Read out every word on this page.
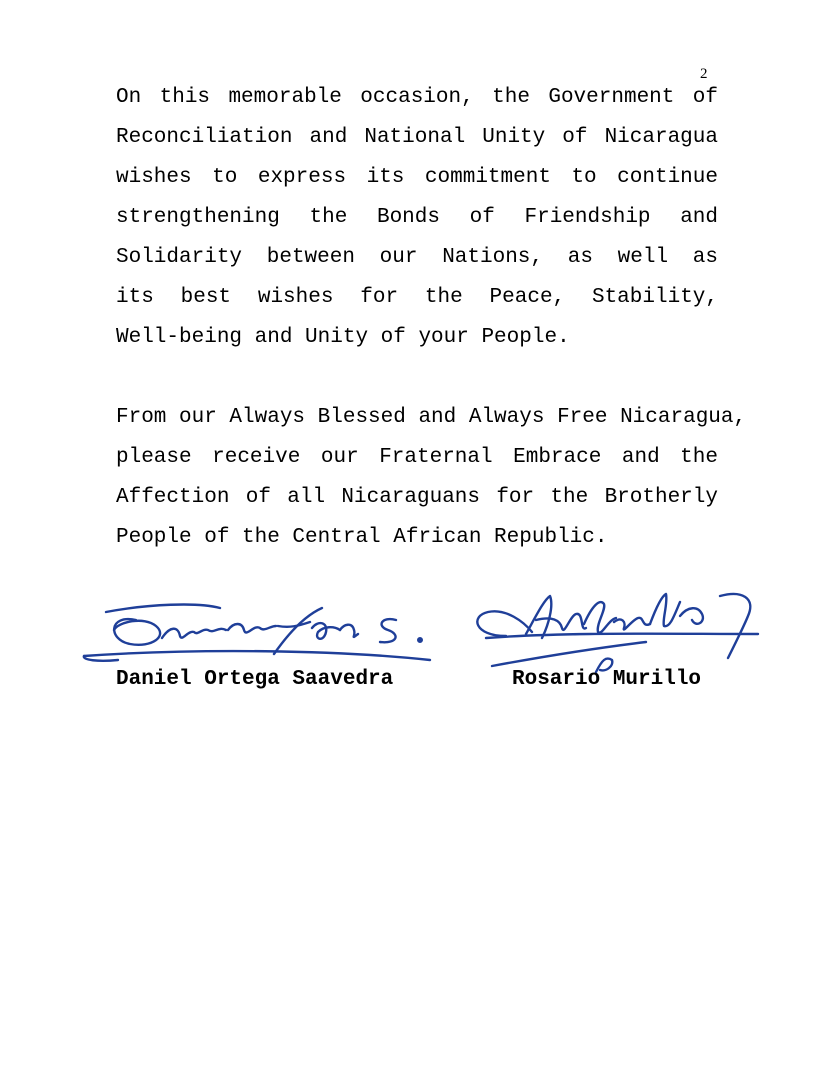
2
On this memorable occasion, the Government of
Reconciliation and National Unity of Nicaragua
wishes to express its commitment to continue
strengthening the Bonds of Friendship and
Solidarity between our Nations, as well as
its best wishes for the Peace, Stability,
Well-being and Unity of your People.
From our Always Blessed and Always Free Nicaragua,
please receive our Fraternal Embrace and the
Affection of all Nicaraguans for the Brotherly
People of the Central African Republic.
Daniel Ortega Saavedra	Rosario Murillo
